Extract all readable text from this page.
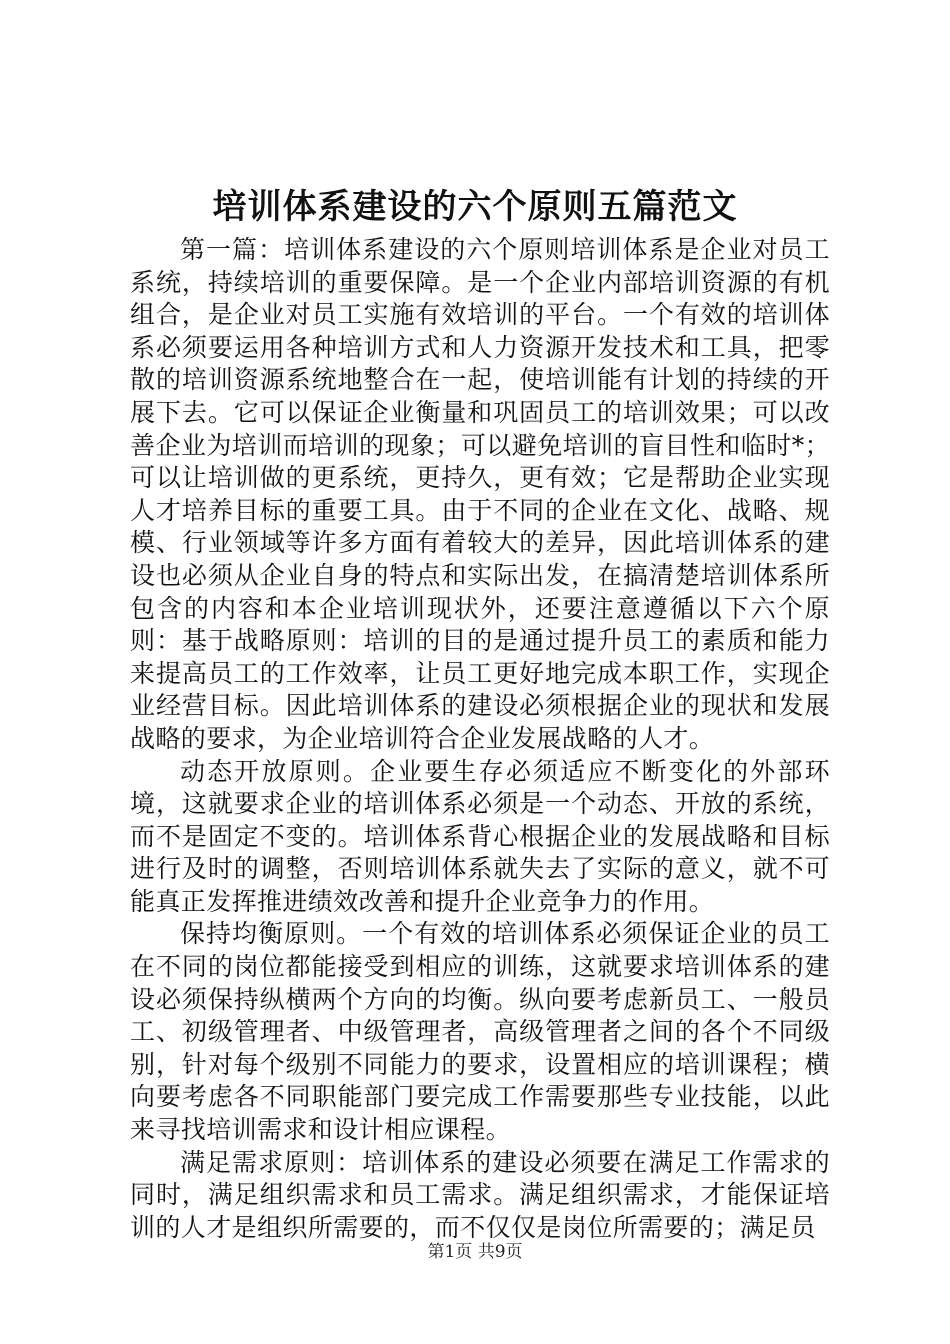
培训体系建设的六个原则五篇范文

第一篇：培训体系建设的六个原则培训体系是企业对员工系统，持续培训的重要保障。是一个企业内部培训资源的有机组合，是企业对员工实施有效培训的平台。一个有效的培训体系必须要运用各种培训方式和人力资源开发技术和工具，把零散的培训资源系统地整合在一起，使培训能有计划的持续的开展下去。它可以保证企业衡量和巩固员工的培训效果；可以改善企业为培训而培训的现象；可以避免培训的盲目性和临时*；可以让培训做的更系统，更持久，更有效；它是帮助企业实现人才培养目标的重要工具。由于不同的企业在文化、战略、规模、行业领域等许多方面有着较大的差异，因此培训体系的建设也必须从企业自身的特点和实际出发，在搞清楚培训体系所包含的内容和本企业培训现状外，还要注意遵循以下六个原则：基于战略原则：培训的目的是通过提升员工的素质和能力来提高员工的工作效率，让员工更好地完成本职工作，实现企业经营目标。因此培训体系的建设必须根据企业的现状和发展战略的要求，为企业培训符合企业发展战略的人才。

动态开放原则。企业要生存必须适应不断变化的外部环境，这就要求企业的培训体系必须是一个动态、开放的系统，而不是固定不变的。培训体系背心根据企业的发展战略和目标进行及时的调整，否则培训体系就失去了实际的意义，就不可能真正发挥推进绩效改善和提升企业竞争力的作用。

保持均衡原则。一个有效的培训体系必须保证企业的员工在不同的岗位都能接受到相应的训练，这就要求培训体系的建设必须保持纵横两个方向的均衡。纵向要考虑新员工、一般员工、初级管理者、中级管理者，高级管理者之间的各个不同级别，针对每个级别不同能力的要求，设置相应的培训课程；横向要考虑各不同职能部门要完成工作需要那些专业技能，以此来寻找培训需求和设计相应课程。

满足需求原则：培训体系的建设必须要在满足工作需求的同时，满足组织需求和员工需求。满足组织需求，才能保证培训的人才是组织所需要的，而不仅仅是岗位所需要的；满足员

第1页 共9页
